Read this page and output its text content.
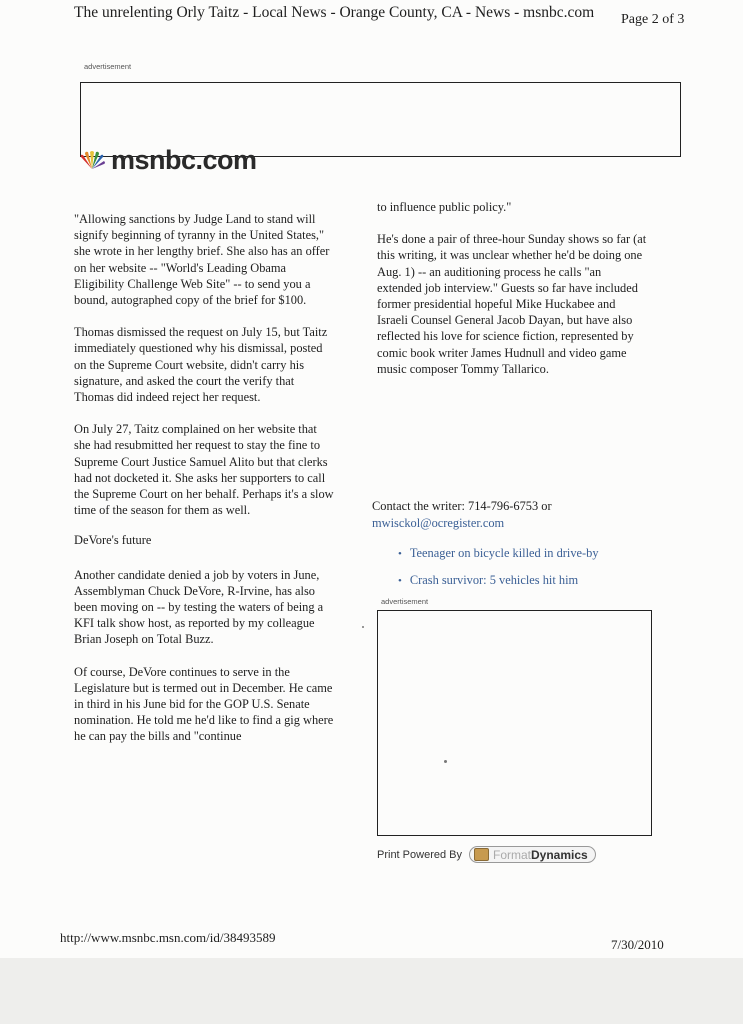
The unrelenting Orly Taitz - Local News - Orange County, CA - News - msnbc.com Page 2 of 3
advertisement
msnbc.com

"Allowing sanctions by Judge Land to stand will signify beginning of tyranny in the United States," she wrote in her lengthy brief. She also has an offer on her website -- "World's Leading Obama Eligibility Challenge Web Site" -- to send you a bound, autographed copy of the brief for $100.

Thomas dismissed the request on July 15, but Taitz immediately questioned why his dismissal, posted on the Supreme Court website, didn't carry his signature, and asked the court the verify that Thomas did indeed reject her request.

On July 27, Taitz complained on her website that she had resubmitted her request to stay the fine to Supreme Court Justice Samuel Alito but that clerks had not docketed it. She asks her supporters to call the Supreme Court on her behalf. Perhaps it's a slow time of the season for them as well.

DeVore's future

Another candidate denied a job by voters in June, Assemblyman Chuck DeVore, R-Irvine, has also been moving on -- by testing the waters of being a KFI talk show host, as reported by my colleague Brian Joseph on Total Buzz.

Of course, DeVore continues to serve in the Legislature but is termed out in December. He came in third in his June bid for the GOP U.S. Senate nomination. He told me he'd like to find a gig where he can pay the bills and "continue

to influence public policy."

He's done a pair of three-hour Sunday shows so far (at this writing, it was unclear whether he'd be doing one Aug. 1) -- an auditioning process he calls "an extended job interview." Guests so far have included former presidential hopeful Mike Huckabee and Israeli Counsel General Jacob Dayan, but have also reflected his love for science fiction, represented by comic book writer James Hudnull and video game music composer Tommy Tallarico.

Contact the writer: 714-796-6753 or
mwisckol@ocregister.com
• Teenager on bicycle killed in drive-by
• Crash survivor: 5 vehicles hit him
advertisement
Print Powered By	Format Dynamics
http://www.msnbc.msn.com/id/38493589	7/30/2010
